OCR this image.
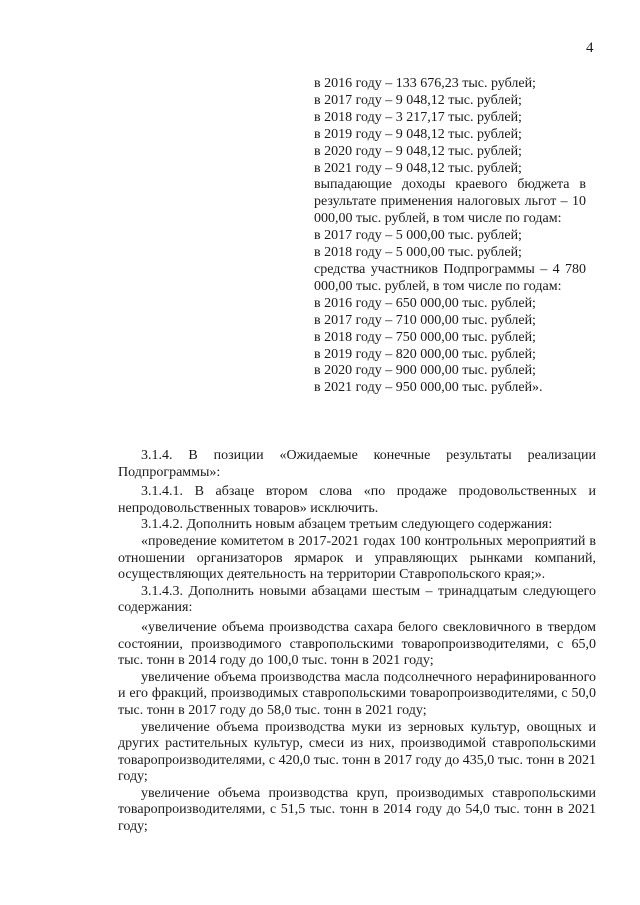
4
в 2016 году – 133 676,23 тыс. рублей;
в 2017 году – 9 048,12 тыс. рублей;
в 2018 году – 3 217,17 тыс. рублей;
в 2019 году – 9 048,12 тыс. рублей;
в 2020 году – 9 048,12 тыс. рублей;
в 2021 году – 9 048,12 тыс. рублей;
выпадающие доходы краевого бюджета в результате применения налоговых льгот – 10 000,00 тыс. рублей, в том числе по годам:
в 2017 году – 5 000,00 тыс. рублей;
в 2018 году – 5 000,00 тыс. рублей;
средства участников Подпрограммы – 4 780 000,00 тыс. рублей, в том числе по годам:
в 2016 году – 650 000,00 тыс. рублей;
в 2017 году – 710 000,00 тыс. рублей;
в 2018 году – 750 000,00 тыс. рублей;
в 2019 году – 820 000,00 тыс. рублей;
в 2020 году – 900 000,00 тыс. рублей;
в 2021 году – 950 000,00 тыс. рублей».

3.1.4. В позиции «Ожидаемые конечные результаты реализации Подпрограммы»:

3.1.4.1. В абзаце втором слова «по продаже продовольственных и непродовольственных товаров» исключить.

3.1.4.2. Дополнить новым абзацем третьим следующего содержания:

«проведение комитетом в 2017-2021 годах 100 контрольных мероприятий в отношении организаторов ярмарок и управляющих рынками компаний, осуществляющих деятельность на территории Ставропольского края;».

3.1.4.3. Дополнить новыми абзацами шестым – тринадцатым следующего содержания:

«увеличение объема производства сахара белого свекловичного в твердом состоянии, производимого ставропольскими товаропроизводителями, с 65,0 тыс. тонн в 2014 году до 100,0 тыс. тонн в 2021 году;

увеличение объема производства масла подсолнечного нерафинированного и его фракций, производимых ставропольскими товаропроизводителями, с 50,0 тыс. тонн в 2017 году до 58,0 тыс. тонн в 2021 году;

увеличение объема производства муки из зерновых культур, овощных и других растительных культур, смеси из них, производимой ставропольскими товаропроизводителями, с 420,0 тыс. тонн в 2017 году до 435,0 тыс. тонн в 2021 году;

увеличение объема производства круп, производимых ставропольскими товаропроизводителями, с 51,5 тыс. тонн в 2014 году до 54,0 тыс. тонн в 2021 году;
